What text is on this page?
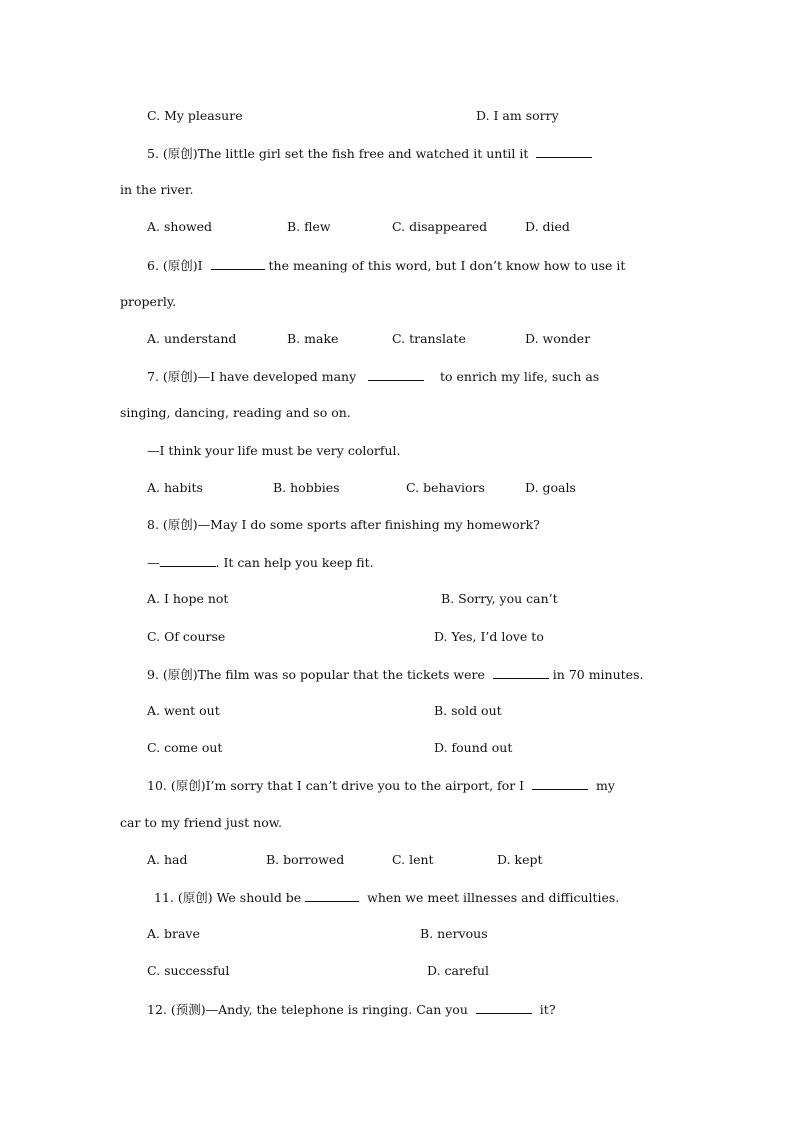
C. My pleasure	D. I am sorry
5. (原创)The little girl set the fish free and watched it until it
in the river.
A. showed	B. flew	C. disappeared	D. died
6. (原创)I	the meaning of this word, but I don’t know how to use it
properly.
A. understand	B. make	C. translate	D. wonder
7. (原创)—I have developed many	to enrich my life, such as
singing, dancing, reading and so on.
—I think your life must be very colorful.
A. habits	B. hobbies	C. behaviors	D. goals
8. (原创)—May I do some sports after finishing my homework?
—	. It can help you keep fit.
A. I hope not	B. Sorry, you can’t
C. Of course	D. Yes, I’d love to
9. (原创)The film was so popular that the tickets were	in 70 minutes.
A. went out	B. sold out
C. come out	D. found out
10. (原创)I’m sorry that I can’t drive you to the airport, for I	my
car to my friend just now.
A. had	B. borrowed	C. lent	D. kept
11. (原创) We should be	when we meet illnesses and difficulties.
A. brave	B. nervous
C. successful	D. careful
12. (预测)—Andy, the telephone is ringing. Can you	it?
